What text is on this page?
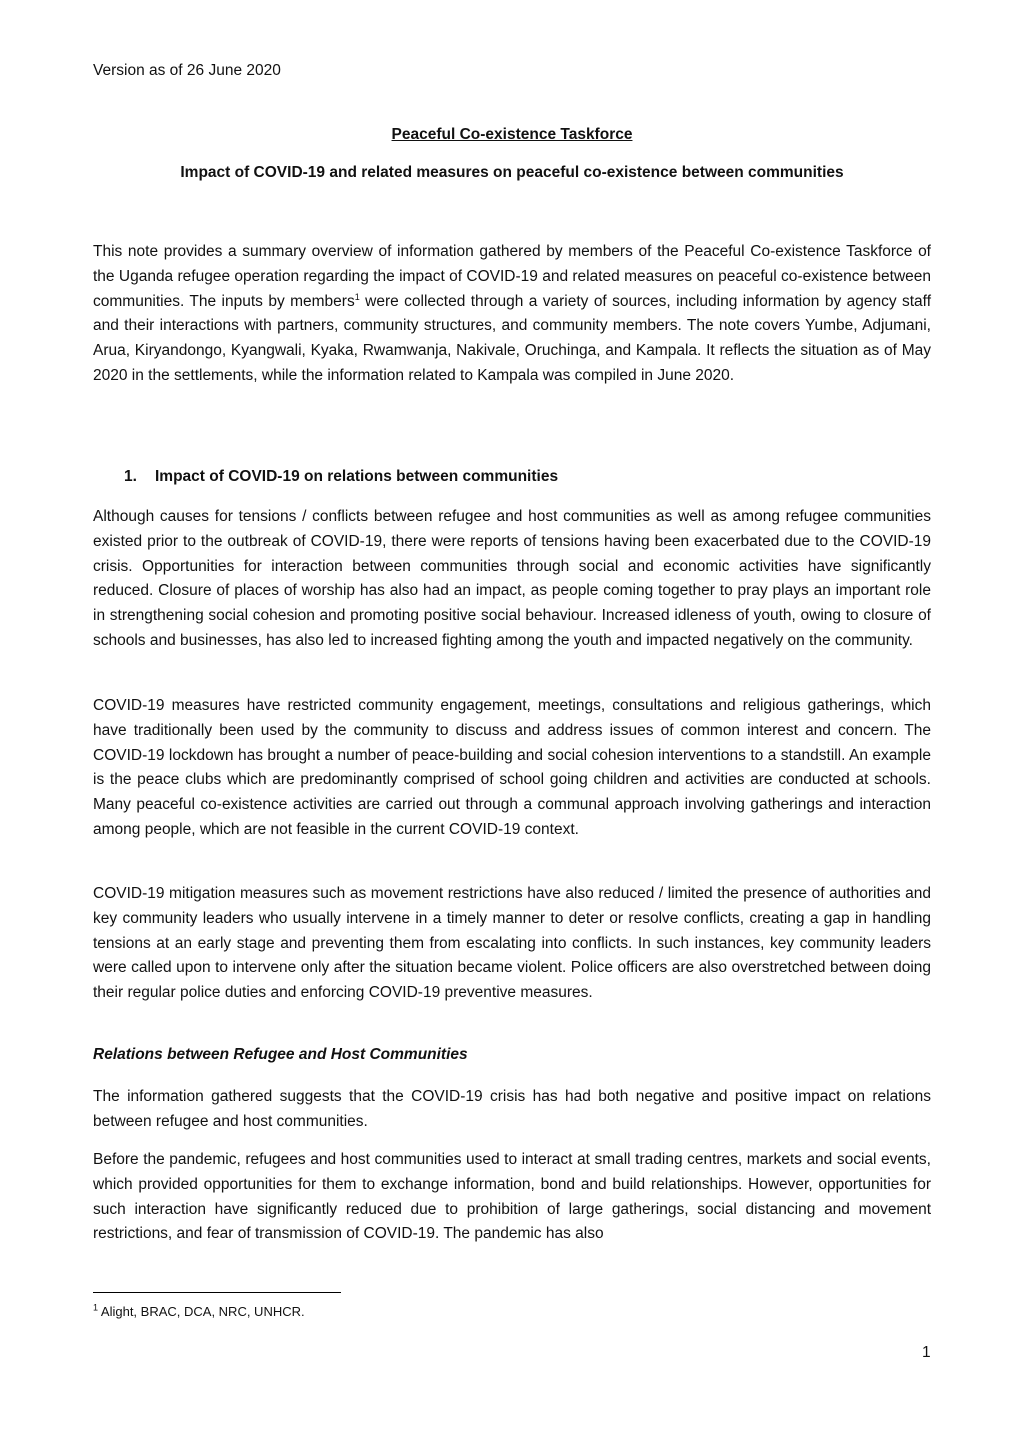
Version as of 26 June 2020
Peaceful Co-existence Taskforce
Impact of COVID-19 and related measures on peaceful co-existence between communities

This note provides a summary overview of information gathered by members of the Peaceful Co-existence Taskforce of the Uganda refugee operation regarding the impact of COVID-19 and related measures on peaceful co-existence between communities. The inputs by members$^1$ were collected through a variety of sources, including information by agency staff and their interactions with partners, community structures, and community members. The note covers Yumbe, Adjumani, Arua, Kiryandongo, Kyangwali, Kyaka, Rwamwanja, Nakivale, Oruchinga, and Kampala. It reflects the situation as of May 2020 in the settlements, while the information related to Kampala was compiled in June 2020.

1. Impact of COVID-19 on relations between communities

Although causes for tensions / conflicts between refugee and host communities as well as among refugee communities existed prior to the outbreak of COVID-19, there were reports of tensions having been exacerbated due to the COVID-19 crisis. Opportunities for interaction between communities through social and economic activities have significantly reduced. Closure of places of worship has also had an impact, as people coming together to pray plays an important role in strengthening social cohesion and promoting positive social behaviour. Increased idleness of youth, owing to closure of schools and businesses, has also led to increased fighting among the youth and impacted negatively on the community.

COVID-19 measures have restricted community engagement, meetings, consultations and religious gatherings, which have traditionally been used by the community to discuss and address issues of common interest and concern. The COVID-19 lockdown has brought a number of peace-building and social cohesion interventions to a standstill. An example is the peace clubs which are predominantly comprised of school going children and activities are conducted at schools. Many peaceful co-existence activities are carried out through a communal approach involving gatherings and interaction among people, which are not feasible in the current COVID-19 context.

COVID-19 mitigation measures such as movement restrictions have also reduced / limited the presence of authorities and key community leaders who usually intervene in a timely manner to deter or resolve conflicts, creating a gap in handling tensions at an early stage and preventing them from escalating into conflicts. In such instances, key community leaders were called upon to intervene only after the situation became violent. Police officers are also overstretched between doing their regular police duties and enforcing COVID-19 preventive measures.

Relations between Refugee and Host Communities

The information gathered suggests that the COVID-19 crisis has had both negative and positive impact on relations between refugee and host communities.

Before the pandemic, refugees and host communities used to interact at small trading centres, markets and social events, which provided opportunities for them to exchange information, bond and build relationships. However, opportunities for such interaction have significantly reduced due to prohibition of large gatherings, social distancing and movement restrictions, and fear of transmission of COVID-19. The pandemic has also

$^1$ Alight, BRAC, DCA, NRC, UNHCR.
1
